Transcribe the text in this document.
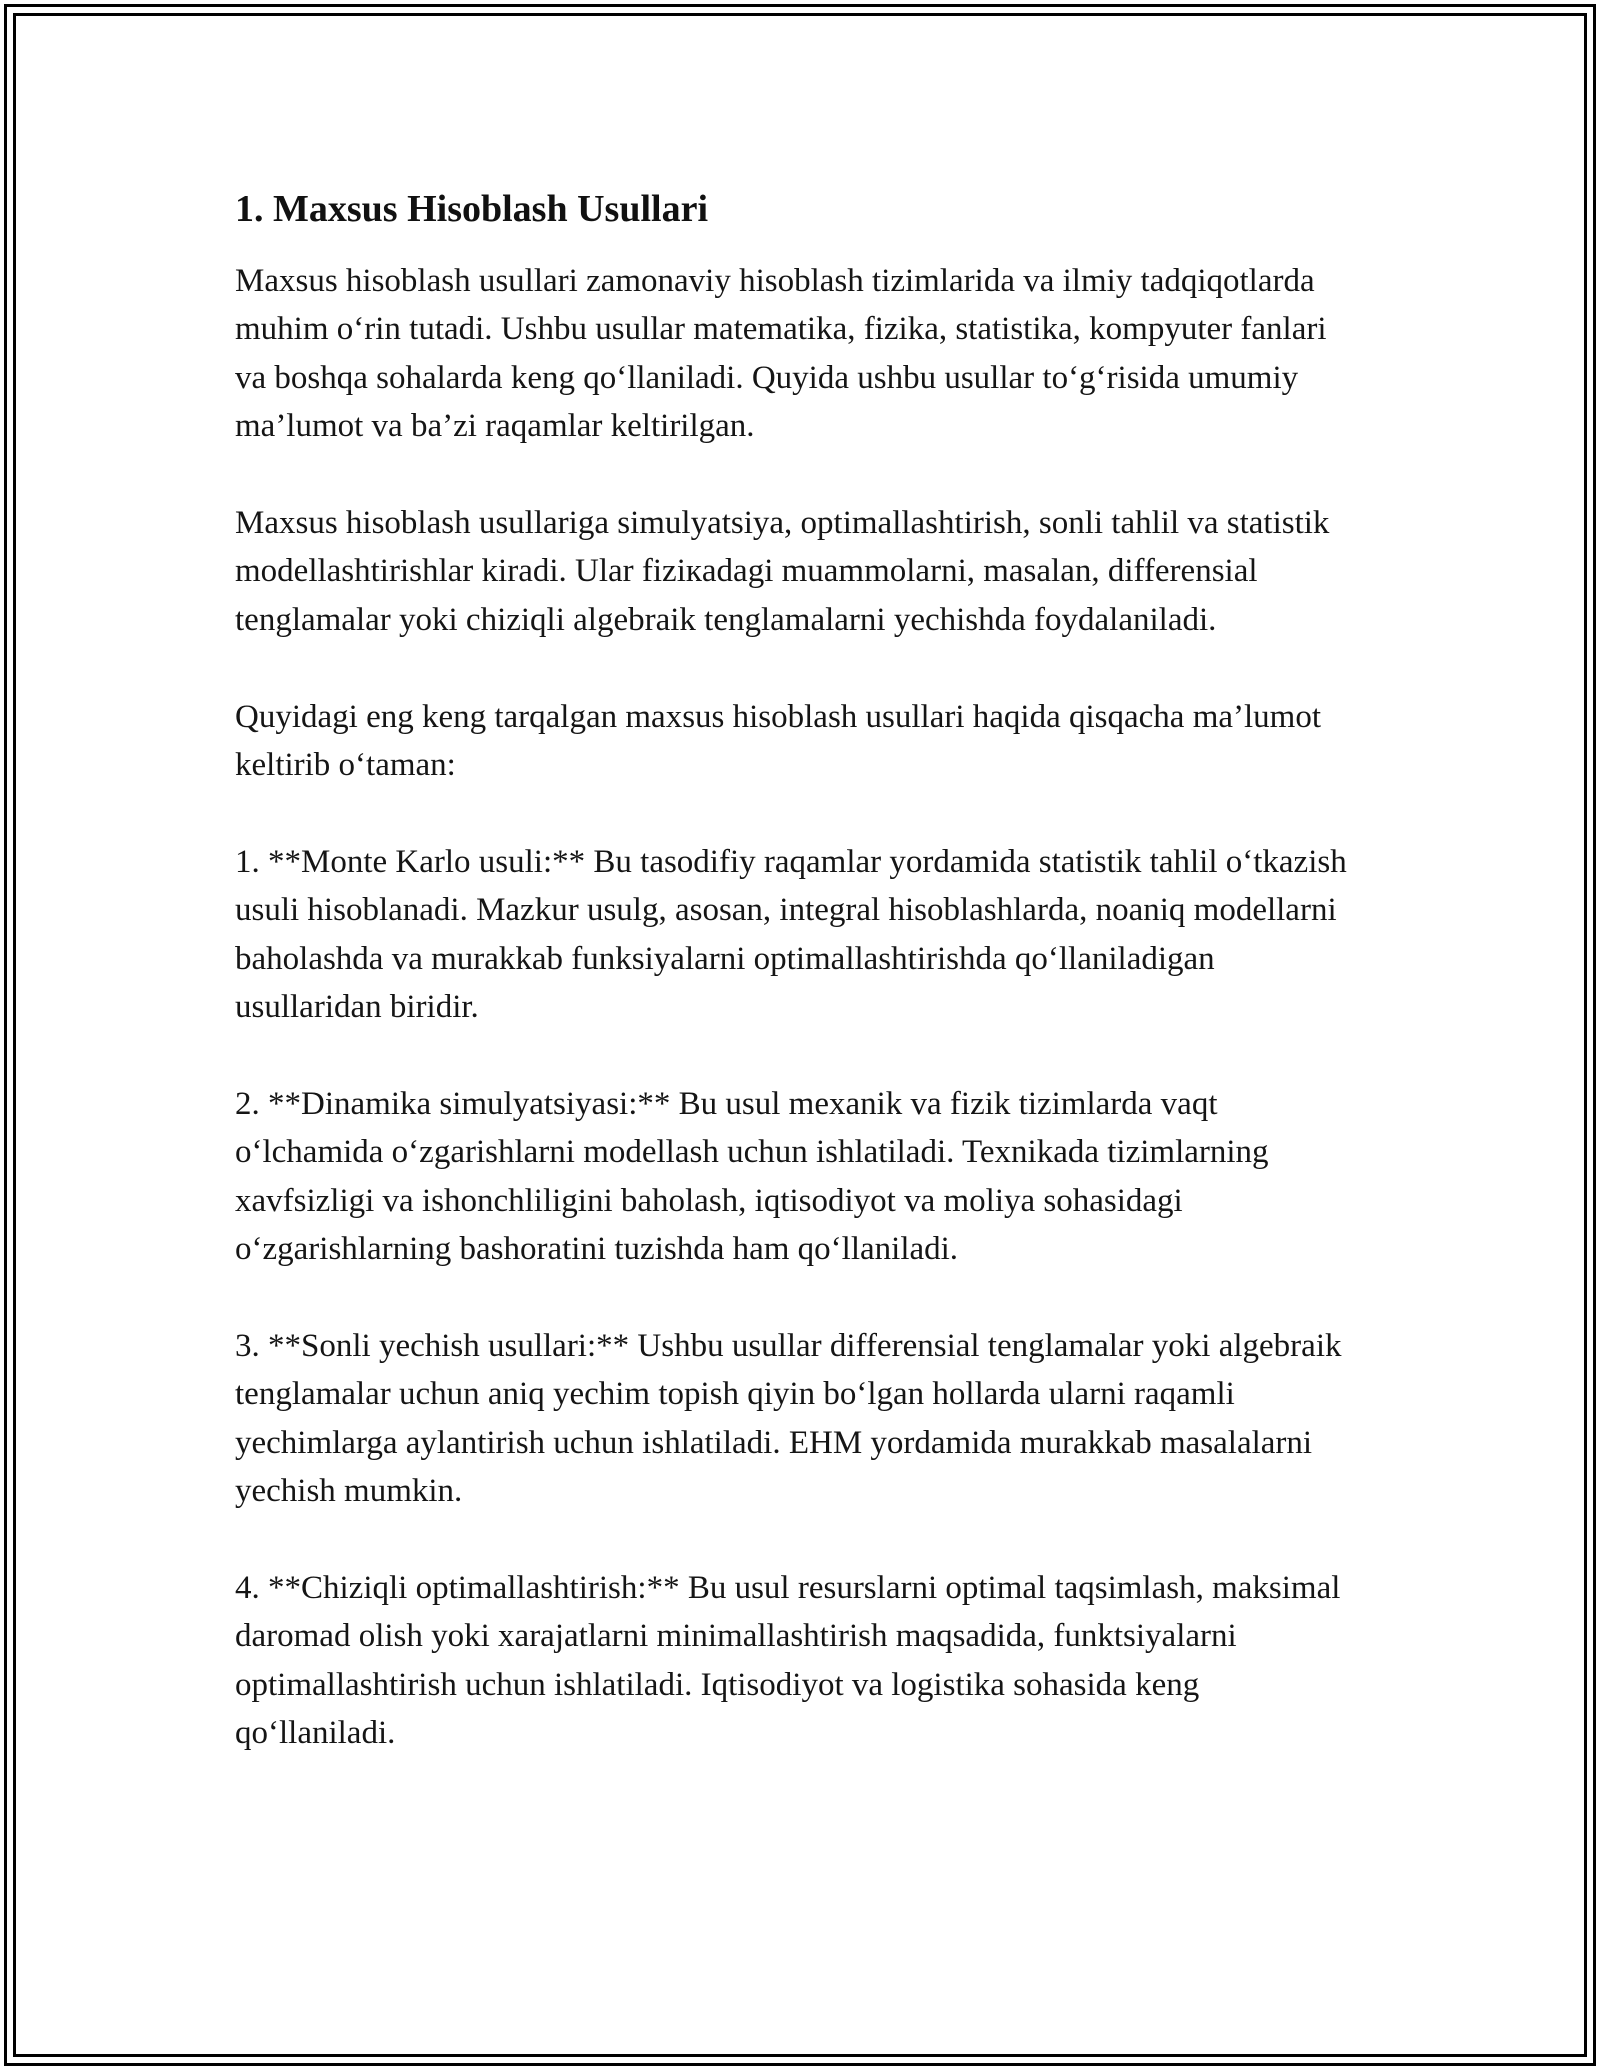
1. Maxsus Hisoblash Usullari

Maxsus hisoblash usullari zamonaviy hisoblash tizimlarida va ilmiy tadqiqotlarda muhim o‘rin tutadi. Ushbu usullar matematika, fizika, statistika, kompyuter fanlari va boshqa sohalarda keng qo‘llaniladi. Quyida ushbu usullar to‘g‘risida umumiy ma’lumot va ba’zi raqamlar keltirilgan.

Maxsus hisoblash usullariga simulyatsiya, optimallashtirish, sonli tahlil va statistik modellashtirishlar kiradi. Ular fiziкadagi muammolarni, masalan, differensial tenglamalar yoki chiziqli algebraik tenglamalarni yechishda foydalaniladi.

Quyidagi eng keng tarqalgan maxsus hisoblash usullari haqida qisqacha ma’lumot keltirib o‘taman:

1. **Monte Karlo usuli:** Bu tasodifiy raqamlar yordamida statistik tahlil o‘tkazish usuli hisoblanadi. Mazkur usulg, asosan, integral hisoblashlarda, noaniq modellarni baholashda va murakkab funksiyalarni optimallashtirishda qo‘llaniladigan usullaridan biridir.

2. **Dinamika simulyatsiyasi:** Bu usul mexanik va fizik tizimlarda vaqt o‘lchamida o‘zgarishlarni modellash uchun ishlatiladi. Texnikada tizimlarning xavfsizligi va ishonchliligini baholash, iqtisodiyot va moliya sohasidagi o‘zgarishlarning bashoratini tuzishda ham qo‘llaniladi.

3. **Sonli yechish usullari:** Ushbu usullar differensial tenglamalar yoki algebraik tenglamalar uchun aniq yechim topish qiyin bo‘lgan hollarda ularni raqamli yechimlarga aylantirish uchun ishlatiladi. EHM yordamida murakkab masalalarni yechish mumkin.

4. **Chiziqli optimallashtirish:** Bu usul resurslarni optimal taqsimlash, maksimal daromad olish yoki xarajatlarni minimallashtirish maqsadida, funktsiyalarni optimallashtirish uchun ishlatiladi. Iqtisodiyot va logistika sohasida keng qo‘llaniladi.
